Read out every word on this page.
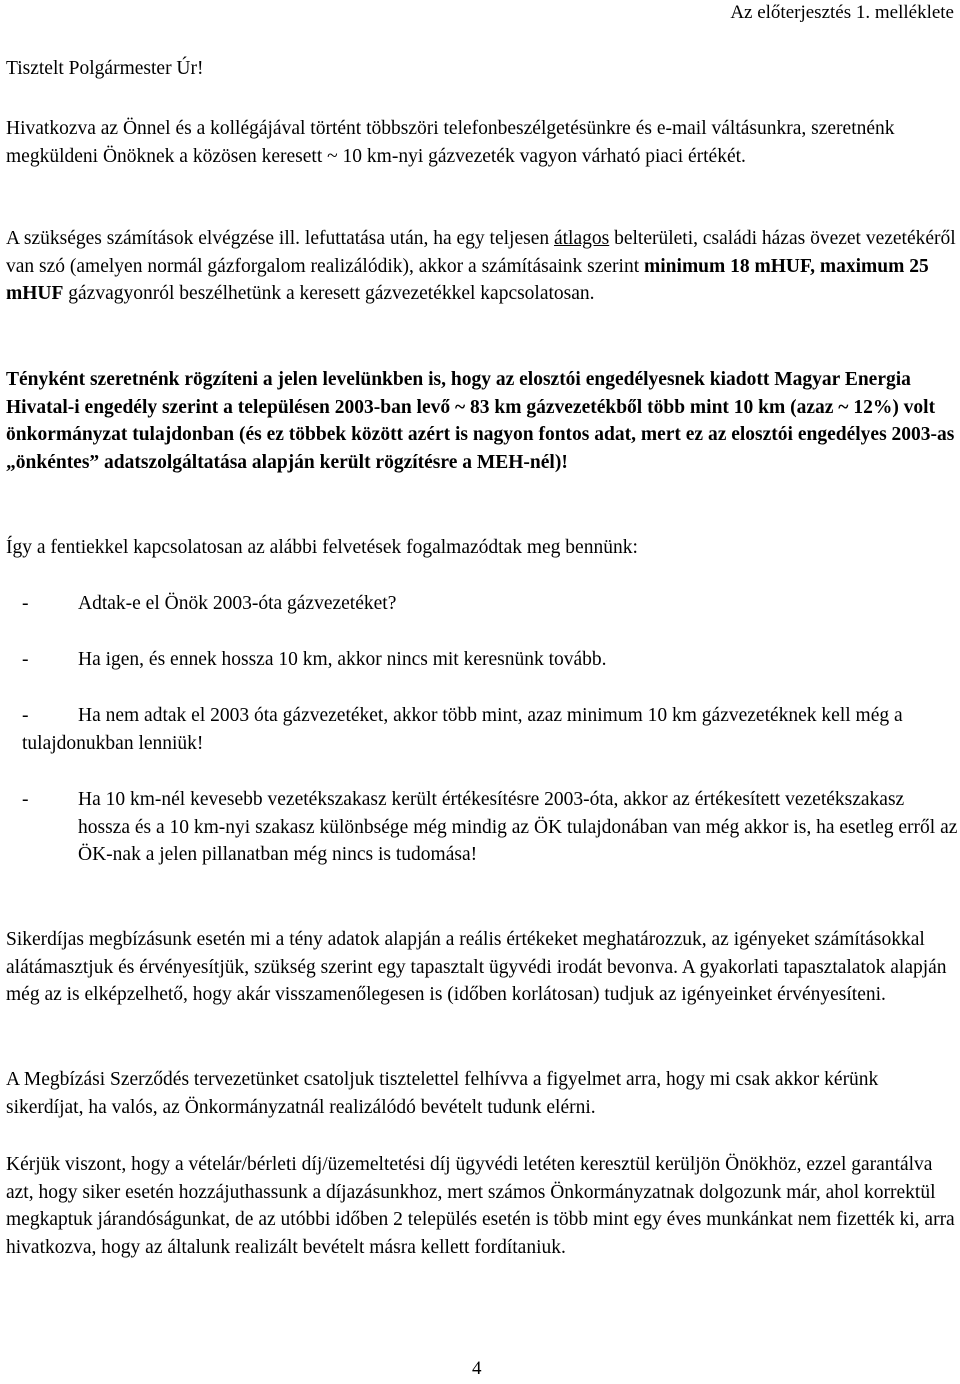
Az előterjesztés 1. melléklete
Tisztelt Polgármester Úr!

Hivatkozva az Önnel és a kollégájával történt többszöri telefonbeszélgetésünkre és e-mail váltásunkra, szeretnénk megküldeni Önöknek a közösen keresett ~ 10 km-nyi gázvezeték vagyon várható piaci értékét.

A szükséges számítások elvégzése ill. lefuttatása után, ha egy teljesen átlagos belterületi, családi házas övezet vezetékéről van szó (amelyen normál gázforgalom realizálódik), akkor a számításaink szerint minimum 18 mHUF, maximum 25 mHUF gázvagyonról beszélhetünk a keresett gázvezetékkel kapcsolatosan.

Tényként szeretnénk rögzíteni a jelen levelünkben is, hogy az elosztói engedélyesnek kiadott Magyar Energia Hivatal-i engedély szerint a településen 2003-ban levő ~ 83 km gázvezetékből több mint 10 km (azaz ~ 12%) volt önkormányzat tulajdonban (és ez többek között azért is nagyon fontos adat, mert ez az elosztói engedélyes 2003-as „önkéntes” adatszolgáltatása alapján került rögzítésre a MEH-nél)!

Így a fentiekkel kapcsolatosan az alábbi felvetések fogalmazódtak meg bennünk:

-	Adtak-e el Önök 2003-óta gázvezetéket?
-	Ha igen, és ennek hossza 10 km, akkor nincs mit keresnünk tovább.
-	Ha nem adtak el 2003 óta gázvezetéket, akkor több mint, azaz minimum 10 km gázvezetéknek kell még a tulajdonukban lenniük!
-	Ha 10 km-nél kevesebb vezetékszakasz került értékesítésre 2003-óta, akkor az értékesített vezetékszakasz hossza és a 10 km-nyi szakasz különbsége még mindig az ÖK tulajdonában van még akkor is, ha esetleg erről az ÖK-nak a jelen pillanatban még nincs is tudomása!

Sikerdíjas megbízásunk esetén mi a tény adatok alapján a reális értékeket meghatározzuk, az igényeket számításokkal alátámasztjuk és érvényesítjük, szükség szerint egy tapasztalt ügyvédi irodát bevonva. A gyakorlati tapasztalatok alapján még az is elképzelhető, hogy akár visszamenőlegesen is (időben korlátosan) tudjuk az igényeinket érvényesíteni.

A Megbízási Szerződés tervezetünket csatoljuk tisztelettel felhívva a figyelmet arra, hogy mi csak akkor kérünk sikerdíjat, ha valós, az Önkormányzatnál realizálódó bevételt tudunk elérni.

Kérjük viszont, hogy a vételár/bérleti díj/üzemeltetési díj ügyvédi letéten keresztül kerüljön Önökhöz, ezzel garantálva azt, hogy siker esetén hozzájuthassunk a díjazásunkhoz, mert számos Önkormányzatnak dolgozunk már, ahol korrektül megkaptuk járandóságunkat, de az utóbbi időben 2 település esetén is több mint egy éves munkánkat nem fizették ki, arra hivatkozva, hogy az általunk realizált bevételt másra kellett fordítaniuk.

4
